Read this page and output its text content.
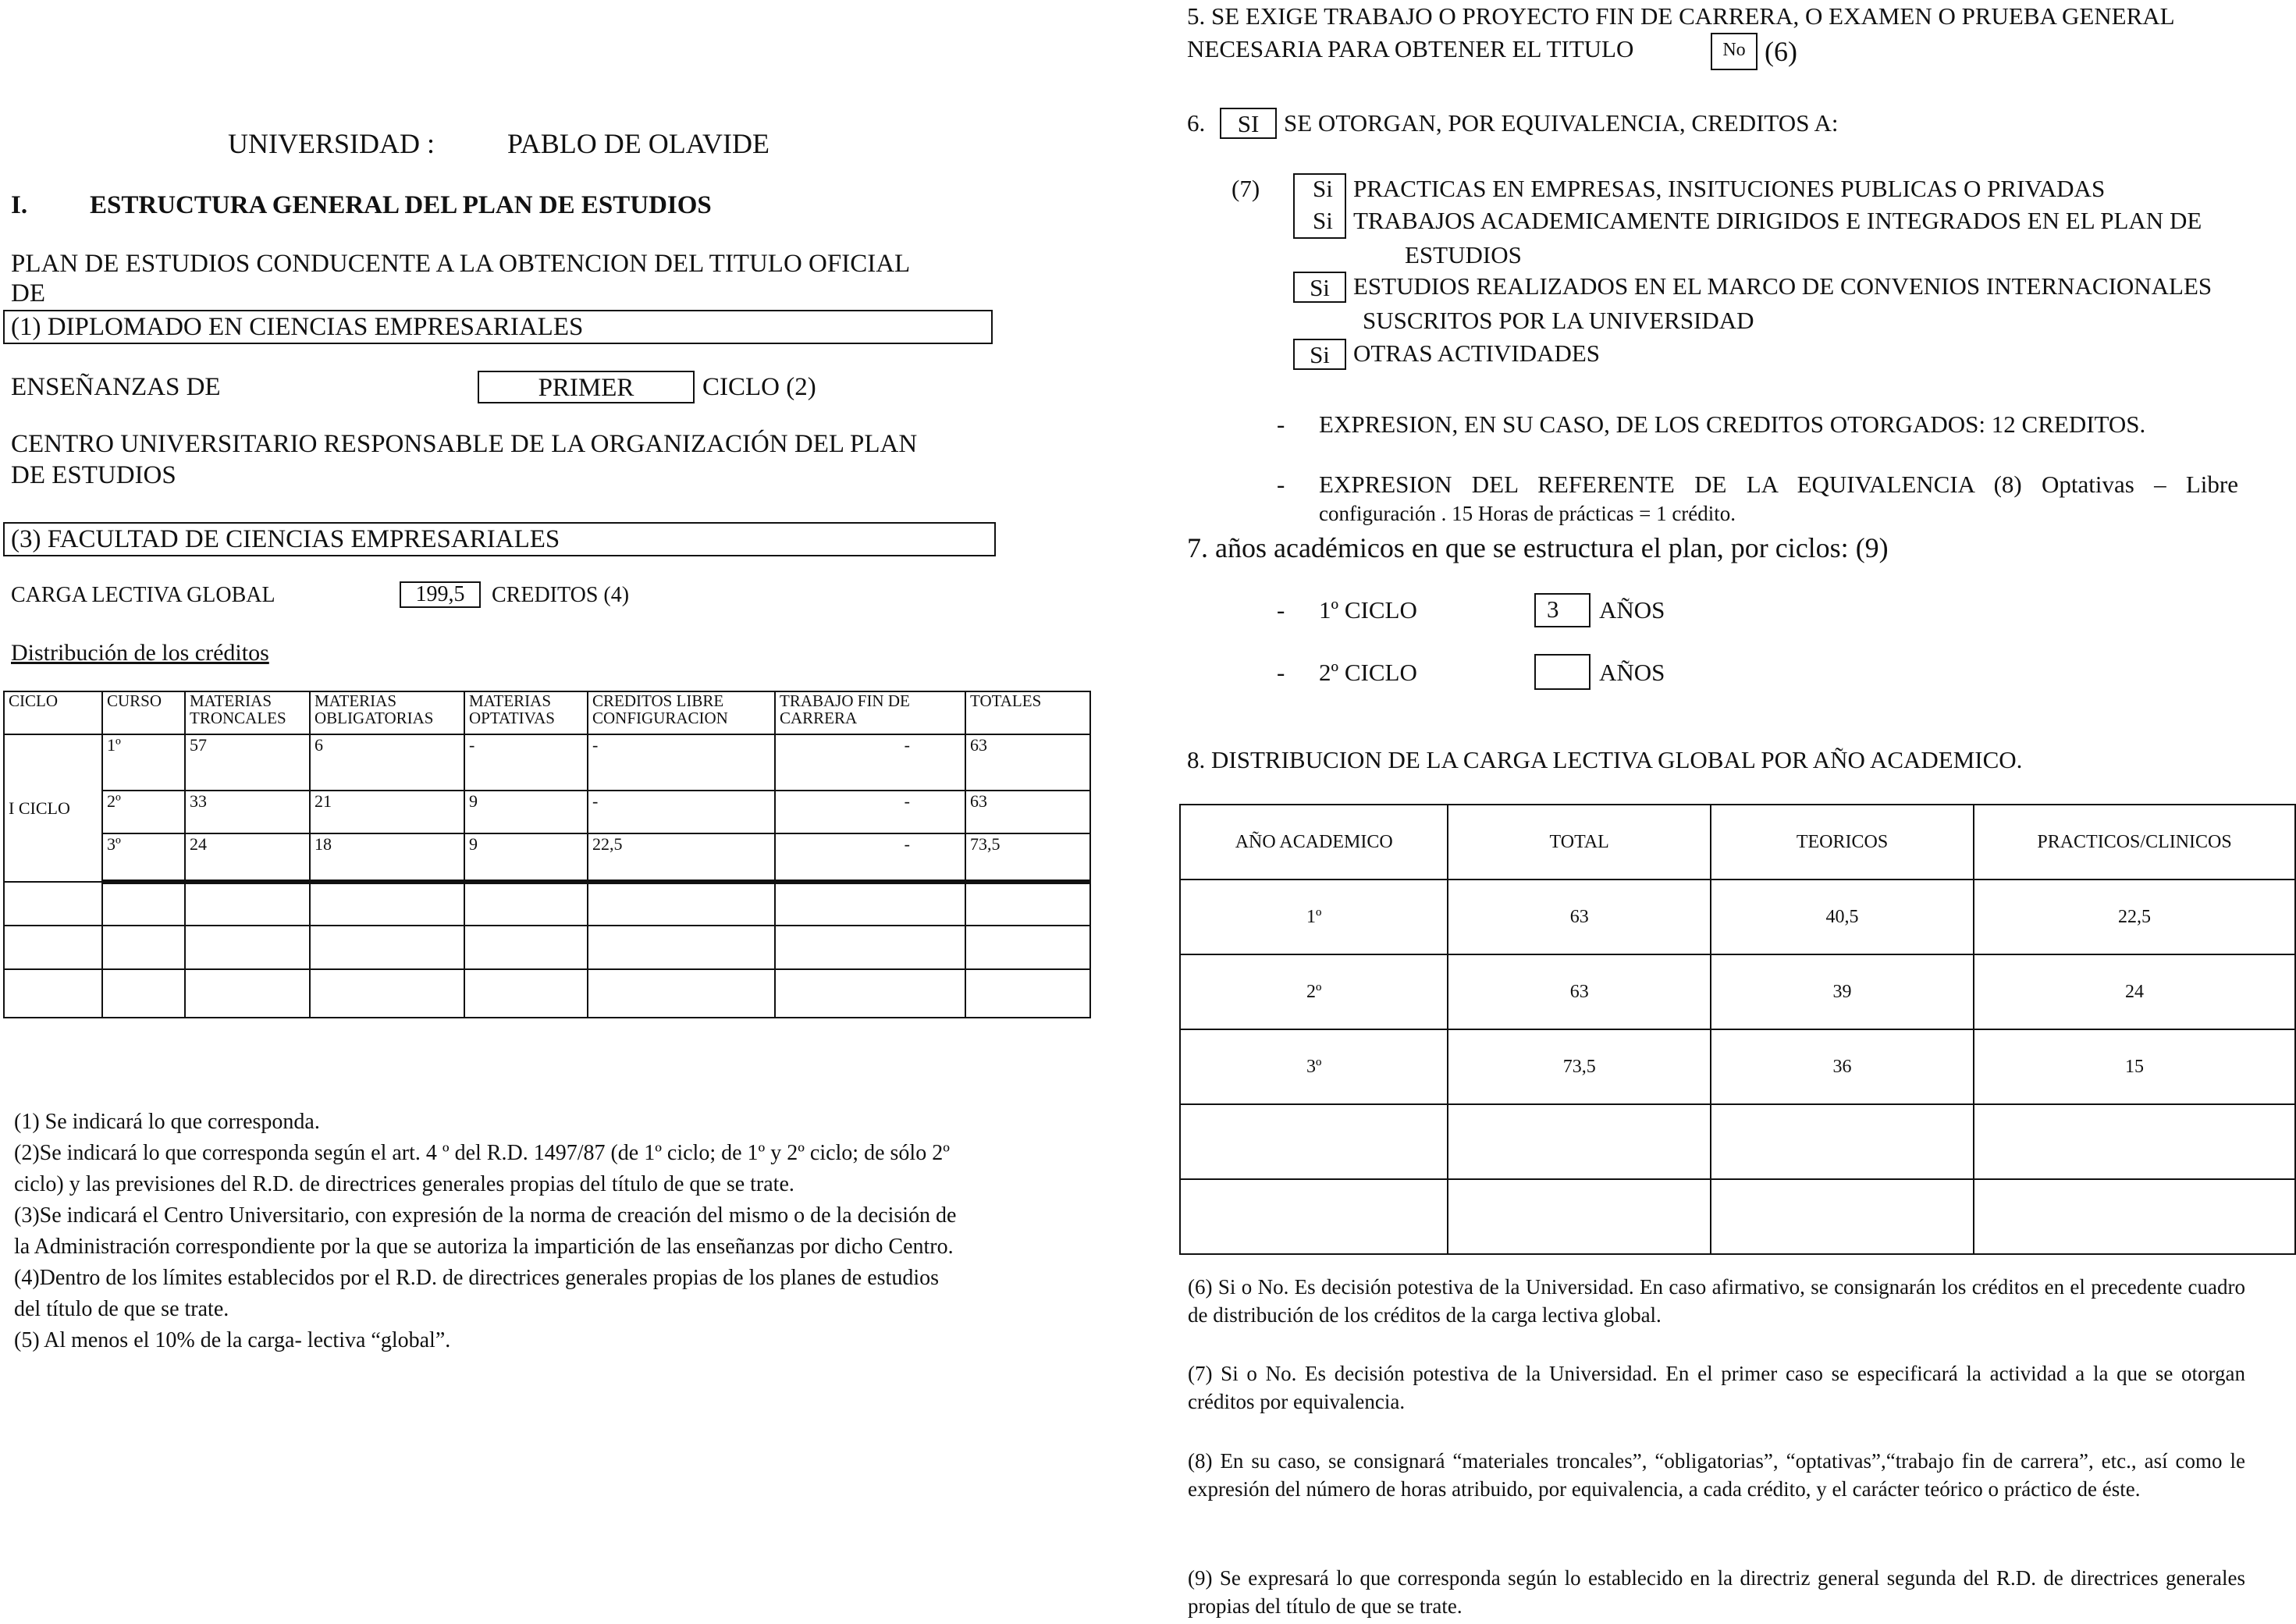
UNIVERSIDAD :	PABLO DE OLAVIDE
I. ESTRUCTURA GENERAL DEL PLAN DE ESTUDIOS
PLAN DE ESTUDIOS CONDUCENTE A LA OBTENCION DEL TITULO OFICIAL
DE
(1) DIPLOMADO EN CIENCIAS EMPRESARIALES
ENSEÑANZAS DE	PRIMER	CICLO (2)
CENTRO UNIVERSITARIO RESPONSABLE DE LA ORGANIZACIÓN DEL PLAN
DE ESTUDIOS
(3) FACULTAD DE CIENCIAS EMPRESARIALES
CARGA LECTIVA GLOBAL	199,5	CREDITOS (4)
Distribución de los créditos
CICLO	CURSO	MATERIAS TRONCALES	MATERIAS OBLIGATORIAS	MATERIAS OPTATIVAS	CREDITOS LIBRE CONFIGURACION	TRABAJO FIN DE CARRERA	TOTALES
I CICLO	1º	57	6	-	-	-	63
	2º	33	21	9	-	-	63
	3º	24	18	9	22,5	-	73,5

(1) Se indicará lo que corresponda.

(2)Se indicará lo que corresponda según el art. 4 º del R.D. 1497/87 (de 1º ciclo; de 1º y 2º ciclo; de sólo 2º ciclo) y las previsiones del R.D. de directrices generales propias del título de que se trate.

(3)Se indicará el Centro Universitario, con expresión de la norma de creación del mismo o de la decisión de la Administración correspondiente por la que se autoriza la impartición de las enseñanzas por dicho Centro.

(4)Dentro de los límites establecidos por el R.D. de directrices generales propias de los planes de estudios del título de que se trate.

(5) Al menos el 10% de la carga- lectiva “global”.

5. SE EXIGE TRABAJO O PROYECTO FIN DE CARRERA, O EXAMEN O PRUEBA GENERAL
NECESARIA PARA OBTENER EL TITULO	No (6)
6.	SI	SE OTORGAN, POR EQUIVALENCIA, CREDITOS A:
(7) Si PRACTICAS EN EMPRESAS, INSITUCIONES PUBLICAS O PRIVADAS
Si TRABAJOS ACADEMICAMENTE DIRIGIDOS E INTEGRADOS EN EL PLAN DE
ESTUDIOS
Si ESTUDIOS REALIZADOS EN EL MARCO DE CONVENIOS INTERNACIONALES
SUSCRITOS POR LA UNIVERSIDAD
Si OTRAS ACTIVIDADES
- EXPRESION, EN SU CASO, DE LOS CREDITOS OTORGADOS: 12 CREDITOS.
- EXPRESION DEL REFERENTE DE LA EQUIVALENCIA (8) Optativas – Libre
configuración . 15 Horas de prácticas = 1 crédito.
7. años académicos en que se estructura el plan, por ciclos: (9)
- 1º CICLO	3	AÑOS
- 2º CICLO	AÑOS
8. DISTRIBUCION DE LA CARGA LECTIVA GLOBAL POR AÑO ACADEMICO.
AÑO ACADEMICO	TOTAL	TEORICOS	PRACTICOS/CLINICOS
1º	63	40,5	22,5
2º	63	39	24
3º	73,5	36	15

(6) Si o No. Es decisión potestiva de la Universidad. En caso afirmativo, se consignarán los créditos en el precedente cuadro de distribución de los créditos de la carga lectiva global.
(7) Si o No. Es decisión potestiva de la Universidad. En el primer caso se especificará la actividad a la que se otorgan créditos por equivalencia.
(8) En su caso, se consignará “materiales troncales”, “obligatorias”, “optativas”,“trabajo fin de carrera”, etc., así como le expresión del número de horas atribuido, por equivalencia, a cada crédito, y el carácter teórico o práctico de éste.
(9) Se expresará lo que corresponda según lo establecido en la directriz general segunda del R.D. de directrices generales propias del título de que se trate.
